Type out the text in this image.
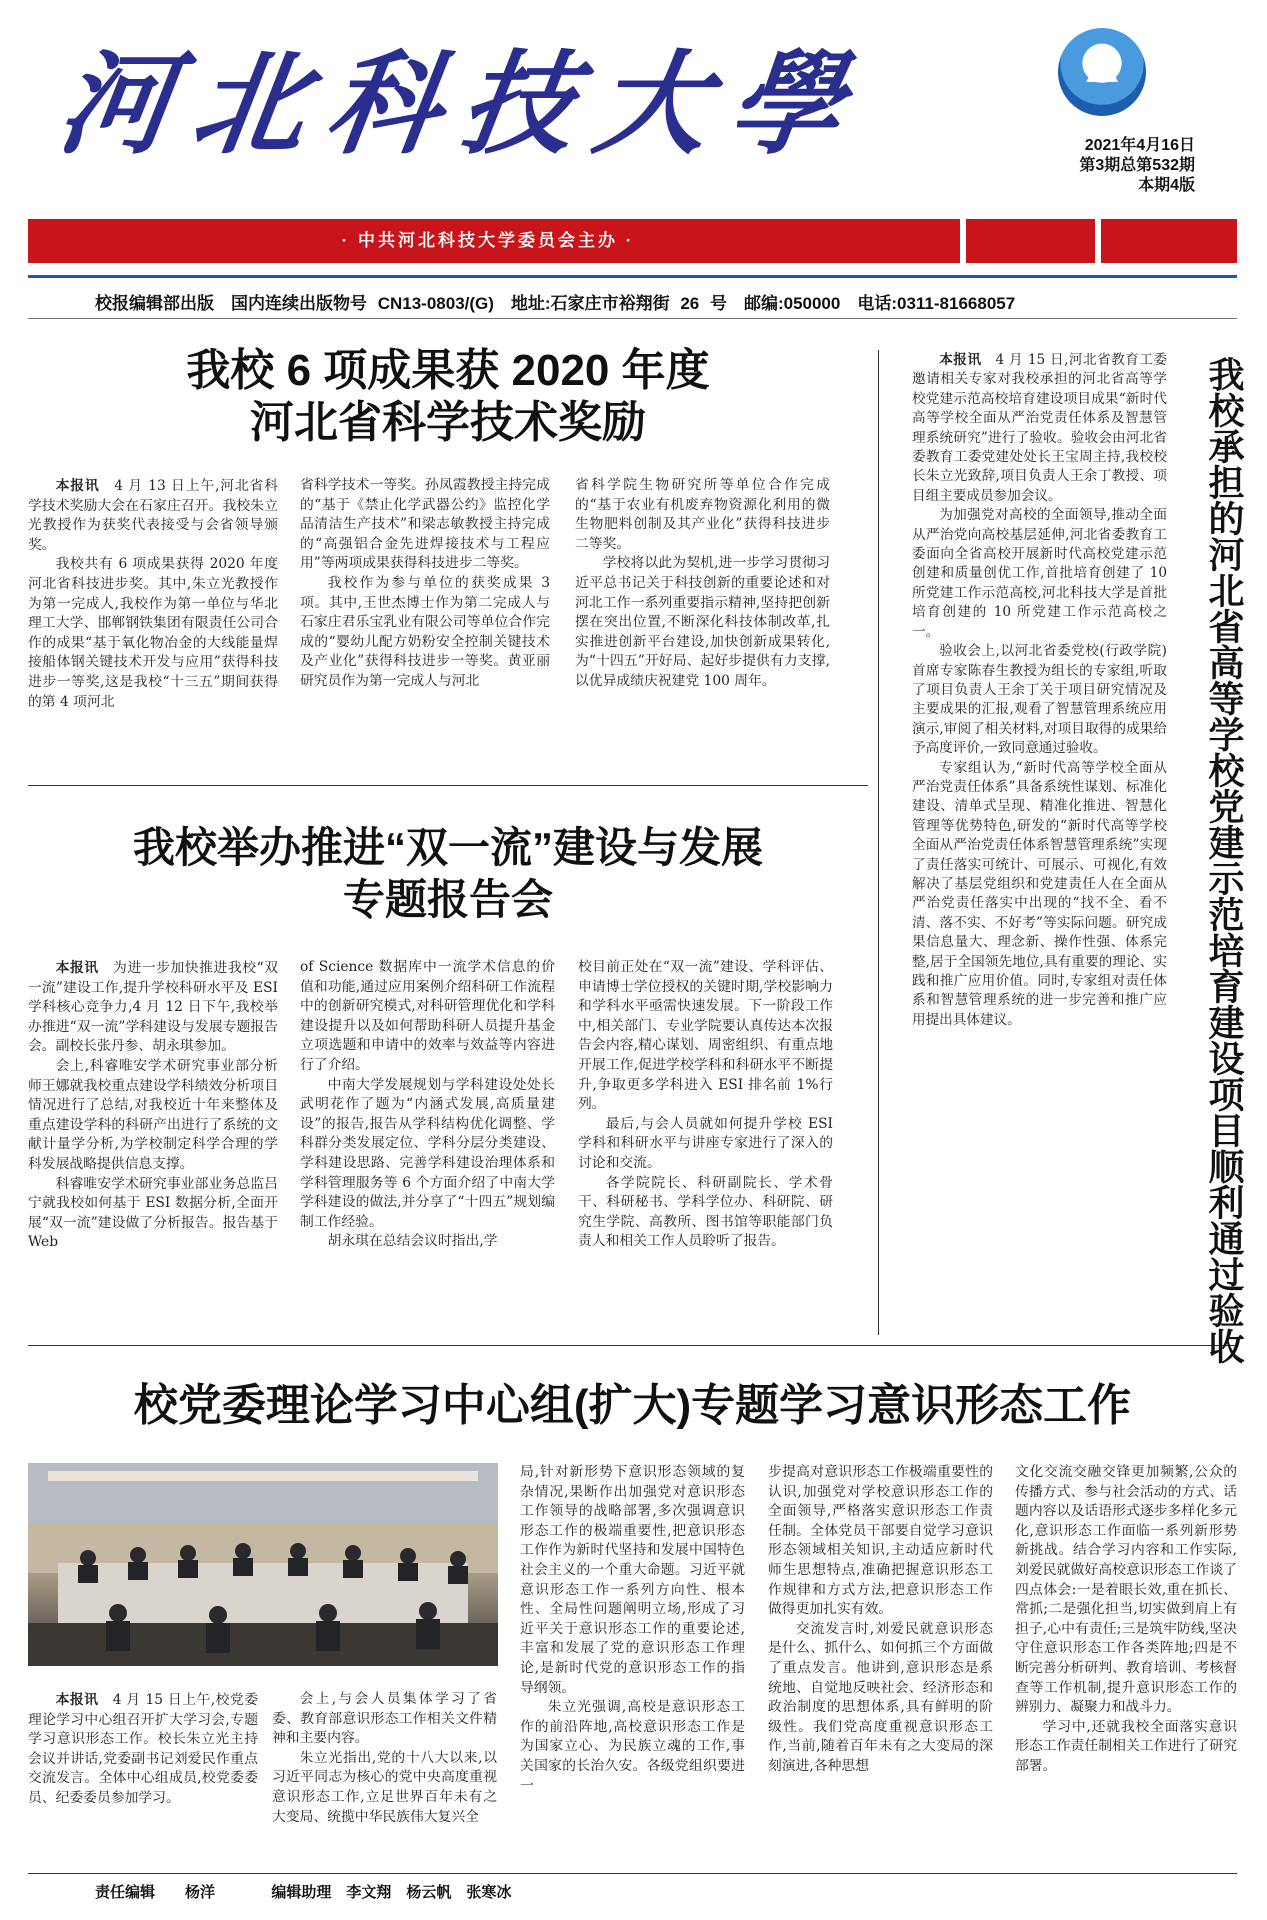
河北科技大學	2021年4月16日
第3期总第532期
本期4版
· 中共河北科技大学委员会主办 ·
校报编辑部出版　国内连续出版物号 CN13-0803/(G)　地址:石家庄市裕翔街 26 号　邮编:050000　电话:0311-81668057
我校 6 项成果获 2020 年度
河北省科学技术奖励

本报讯　 4 月 13 日上午,河北省科学技术奖励大会在石家庄召开。我校朱立光教授作为获奖代表接受与会省领导颁奖。

我校共有 6 项成果获得 2020 年度河北省科技进步奖。其中,朱立光教授作为第一完成人,我校作为第一单位与华北理工大学、邯郸钢铁集团有限责任公司合作的成果“基于氧化物冶金的大线能量焊接船体钢关键技术开发与应用”获得科技进步一等奖,这是我校“十三五”期间获得的第 4 项河北

省科学技术一等奖。孙凤霞教授主持完成的“基于《禁止化学武器公约》监控化学品清洁生产技术”和梁志敏教授主持完成的“高强铝合金先进焊接技术与工程应用”等两项成果获得科技进步二等奖。

我校作为参与单位的获奖成果 3 项。其中,王世杰博士作为第二完成人与石家庄君乐宝乳业有限公司等单位合作完成的“婴幼儿配方奶粉安全控制关键技术及产业化”获得科技进步一等奖。黄亚丽研究员作为第一完成人与河北

省科学院生物研究所等单位合作完成的“基于农业有机废弃物资源化利用的微生物肥料创制及其产业化”获得科技进步二等奖。

学校将以此为契机,进一步学习贯彻习近平总书记关于科技创新的重要论述和对河北工作一系列重要指示精神,坚持把创新摆在突出位置,不断深化科技体制改革,扎实推进创新平台建设,加快创新成果转化,为“十四五”开好局、起好步提供有力支撑,以优异成绩庆祝建党 100 周年。

我校举办推进“双一流”建设与发展
专题报告会

本报讯　 为进一步加快推进我校“双一流”建设工作,提升学校科研水平及 ESI 学科核心竞争力,4 月 12 日下午,我校举办推进“双一流”学科建设与发展专题报告会。副校长张丹参、胡永琪参加。

会上,科睿唯安学术研究事业部分析师王娜就我校重点建设学科绩效分析项目情况进行了总结,对我校近十年来整体及重点建设学科的科研产出进行了系统的文献计量学分析,为学校制定科学合理的学科发展战略提供信息支撑。

科睿唯安学术研究事业部业务总监吕宁就我校如何基于 ESI 数据分析,全面开展“双一流”建设做了分析报告。报告基于 Web

of Science 数据库中一流学术信息的价值和功能,通过应用案例介绍科研工作流程中的创新研究模式,对科研管理优化和学科建设提升以及如何帮助科研人员提升基金立项选题和申请中的效率与效益等内容进行了介绍。

中南大学发展规划与学科建设处处长武明花作了题为“内涵式发展,高质量建设”的报告,报告从学科结构优化调整、学科群分类发展定位、学科分层分类建设、学科建设思路、完善学科建设治理体系和学科管理服务等 6 个方面介绍了中南大学学科建设的做法,并分享了“十四五”规划编制工作经验。

胡永琪在总结会议时指出,学

校目前正处在“双一流”建设、学科评估、申请博士学位授权的关键时期,学校影响力和学科水平亟需快速发展。下一阶段工作中,相关部门、专业学院要认真传达本次报告会内容,精心谋划、周密组织、有重点地开展工作,促进学校学科和科研水平不断提升,争取更多学科进入 ESI 排名前 1%行列。

最后,与会人员就如何提升学校 ESI 学科和科研水平与讲座专家进行了深入的讨论和交流。

各学院院长、科研副院长、学术骨干、科研秘书、学科学位办、科研院、研究生学院、高教所、图书馆等职能部门负责人和相关工作人员聆听了报告。

本报讯　 4 月 15 日,河北省教育工委邀请相关专家对我校承担的河北省高等学校党建示范高校培育建设项目成果“新时代高等学校全面从严治党责任体系及智慧管理系统研究”进行了验收。验收会由河北省委教育工委党建处处长王宝周主持,我校校长朱立光致辞,项目负责人王余丁教授、项目组主要成员参加会议。

为加强党对高校的全面领导,推动全面从严治党向高校基层延伸,河北省委教育工委面向全省高校开展新时代高校党建示范创建和质量创优工作,首批培育创建了 10 所党建工作示范高校,河北科技大学是首批培育创建的 10 所党建工作示范高校之一。

验收会上,以河北省委党校(行政学院)首席专家陈春生教授为组长的专家组,听取了项目负责人王余丁关于项目研究情况及主要成果的汇报,观看了智慧管理系统应用演示,审阅了相关材料,对项目取得的成果给予高度评价,一致同意通过验收。

专家组认为,“新时代高等学校全面从严治党责任体系”具备系统性谋划、标准化建设、清单式呈现、精准化推进、智慧化管理等优势特色,研发的“新时代高等学校全面从严治党责任体系智慧管理系统”实现了责任落实可统计、可展示、可视化,有效解决了基层党组织和党建责任人在全面从严治党责任落实中出现的“找不全、看不清、落不实、不好考”等实际问题。研究成果信息量大、理念新、操作性强、体系完整,居于全国领先地位,具有重要的理论、实践和推广应用价值。同时,专家组对责任体系和智慧管理系统的进一步完善和推广应用提出具体建议。	我校承担的河北省高等学校党建示范培育建设项目顺利通过验收
校党委理论学习中心组(扩大)专题学习意识形态工作

本报讯　 4 月 15 日上午,校党委理论学习中心组召开扩大学习会,专题学习意识形态工作。校长朱立光主持会议并讲话,党委副书记刘爱民作重点交流发言。全体中心组成员,校党委委员、纪委委员参加学习。

会上,与会人员集体学习了省委、教育部意识形态工作相关文件精神和主要内容。

朱立光指出,党的十八大以来,以习近平同志为核心的党中央高度重视意识形态工作,立足世界百年未有之大变局、统揽中华民族伟大复兴全

局,针对新形势下意识形态领域的复杂情况,果断作出加强党对意识形态工作领导的战略部署,多次强调意识形态工作的极端重要性,把意识形态工作作为新时代坚持和发展中国特色社会主义的一个重大命题。习近平就意识形态工作一系列方向性、根本性、全局性问题阐明立场,形成了习近平关于意识形态工作的重要论述,丰富和发展了党的意识形态工作理论,是新时代党的意识形态工作的指导纲领。

朱立光强调,高校是意识形态工作的前沿阵地,高校意识形态工作是为国家立心、为民族立魂的工作,事关国家的长治久安。各级党组织要进一

步提高对意识形态工作极端重要性的认识,加强党对学校意识形态工作的全面领导,严格落实意识形态工作责任制。全体党员干部要自觉学习意识形态领域相关知识,主动适应新时代师生思想特点,准确把握意识形态工作规律和方式方法,把意识形态工作做得更加扎实有效。

交流发言时,刘爱民就意识形态是什么、抓什么、如何抓三个方面做了重点发言。他讲到,意识形态是系统地、自觉地反映社会、经济形态和政治制度的思想体系,具有鲜明的阶级性。我们党高度重视意识形态工作,当前,随着百年未有之大变局的深刻演进,各种思想

文化交流交融交锋更加频繁,公众的传播方式、参与社会活动的方式、话题内容以及话语形式逐步多样化多元化,意识形态工作面临一系列新形势新挑战。结合学习内容和工作实际,刘爱民就做好高校意识形态工作谈了四点体会:一是着眼长效,重在抓长、常抓;二是强化担当,切实做到肩上有担子,心中有责任;三是筑牢防线,坚决守住意识形态工作各类阵地;四是不断完善分析研判、教育培训、考核督查等工作机制,提升意识形态工作的辨别力、凝聚力和战斗力。

学习中,还就我校全面落实意识形态工作责任制相关工作进行了研究部署。

责任编辑　　杨洋	编辑助理　李文翔　杨云帆　张寒冰
